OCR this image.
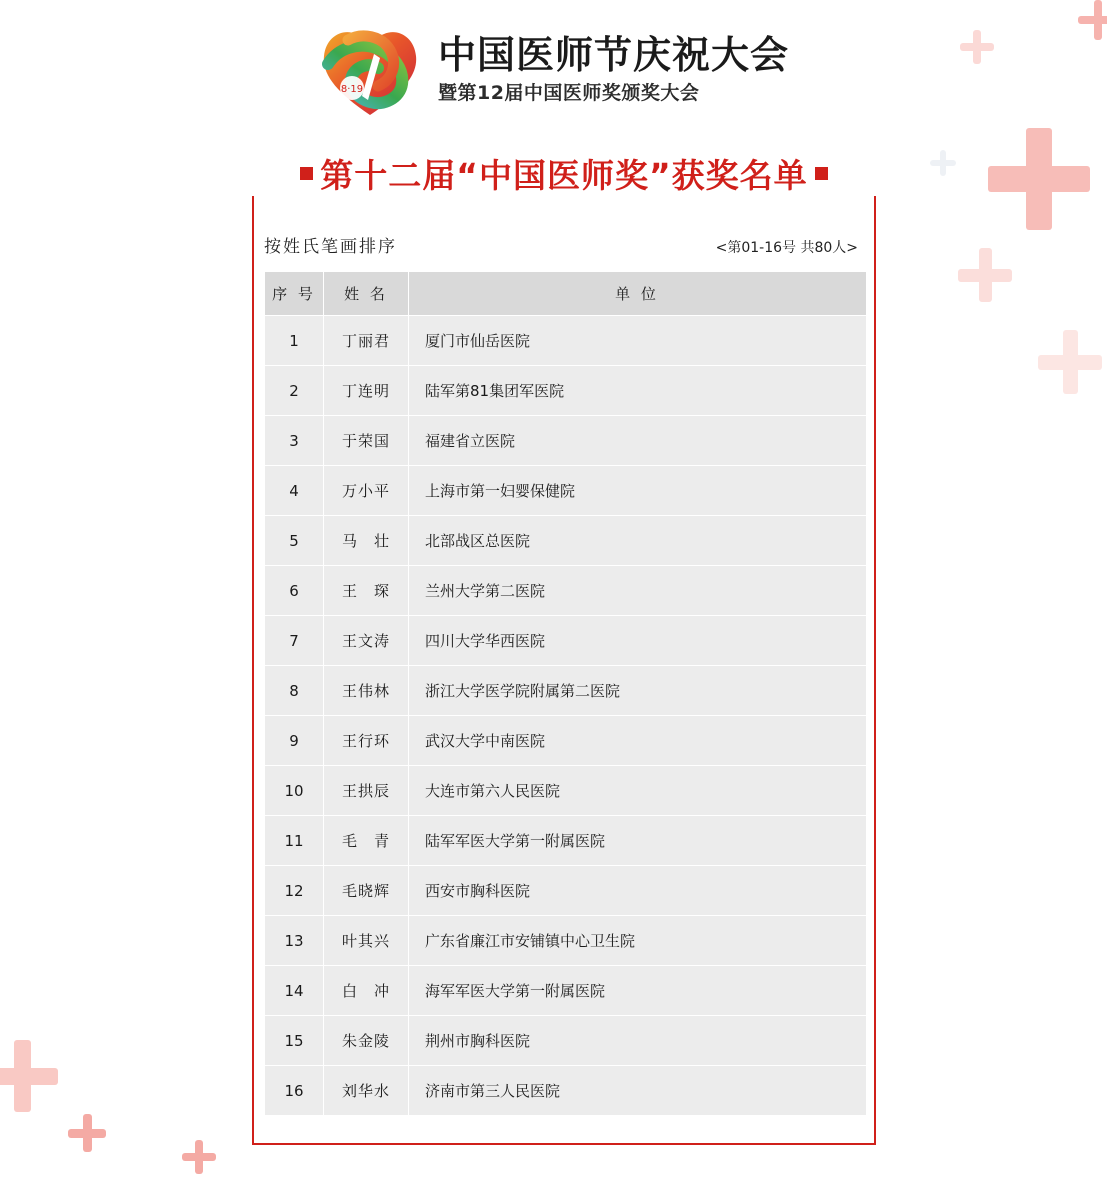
8·19
中国医师节庆祝大会
暨第12届中国医师奖颁奖大会
第十二届“中国医师奖”获奖名单
按姓氏笔画排序	<第01-16号 共80人>
序 号	姓 名	单 位
1	丁丽君	厦门市仙岳医院
2	丁连明	陆军第81集团军医院
3	于荣国	福建省立医院
4	万小平	上海市第一妇婴保健院
5	马　壮	北部战区总医院
6	王　琛	兰州大学第二医院
7	王文涛	四川大学华西医院
8	王伟林	浙江大学医学院附属第二医院
9	王行环	武汉大学中南医院
10	王拱辰	大连市第六人民医院
11	毛　青	陆军军医大学第一附属医院
12	毛晓辉	西安市胸科医院
13	叶其兴	广东省廉江市安铺镇中心卫生院
14	白　冲	海军军医大学第一附属医院
15	朱金陵	荆州市胸科医院
16	刘华水	济南市第三人民医院
